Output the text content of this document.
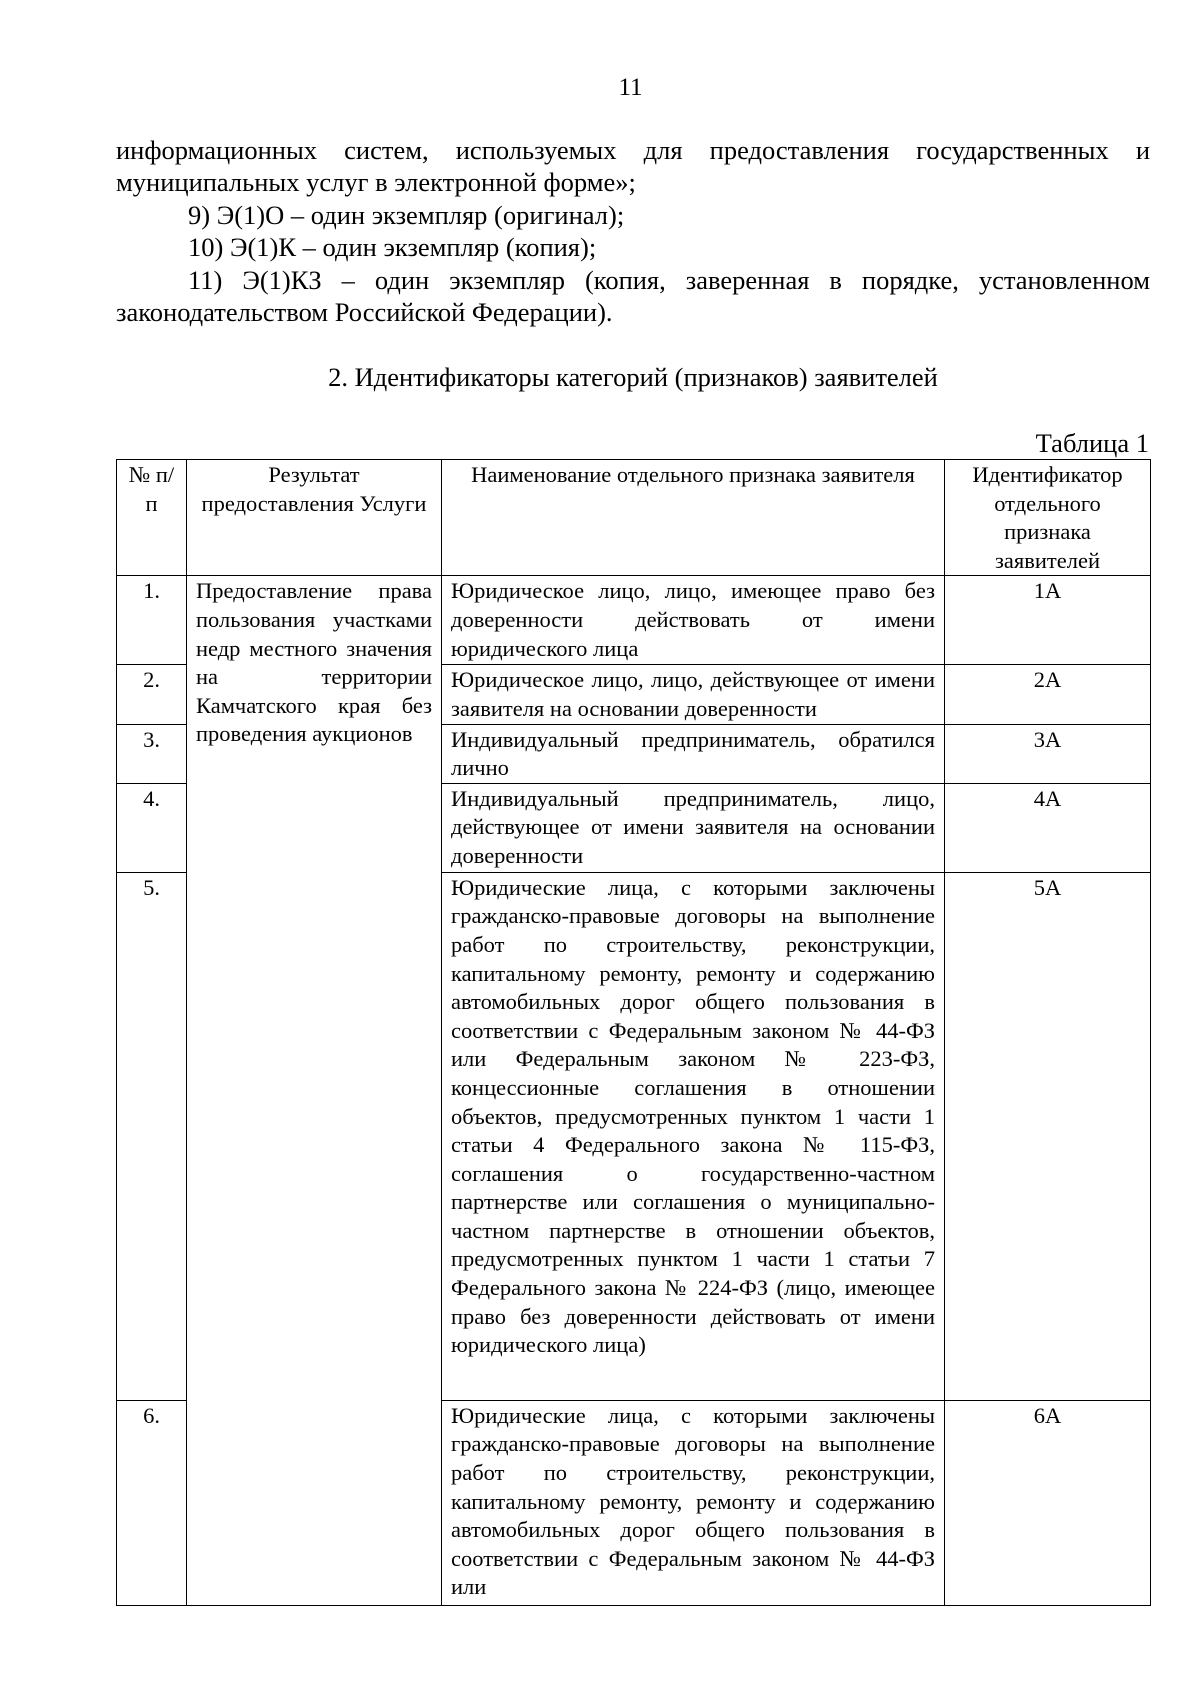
11

информационных систем, используемых для предоставления государственных и муниципальных услуг в электронной форме»;

9) Э(1)О – один экземпляр (оригинал);

10) Э(1)К – один экземпляр (копия);

11) Э(1)КЗ – один экземпляр (копия, заверенная в порядке, установленном законодательством Российской Федерации).

2. Идентификаторы категорий (признаков) заявителей
Таблица 1
№ п/п	Результат предоставления Услуги	Наименование отдельного признака заявителя	Идентификатор отдельного признака заявителей
1.	Предоставление права пользования участками недр местного значения на территории Камчатского края без проведения аукционов	Юридическое лицо, лицо, имеющее право без доверенности действовать от имени юридического лица	1А
2.		Юридическое лицо, лицо, действующее от имени заявителя на основании доверенности	2А
3.		Индивидуальный предприниматель, обратился лично	3А
4.		Индивидуальный предприниматель, лицо, действующее от имени заявителя на основании доверенности	4А
5.		Юридические лица, с которыми заключены гражданско-правовые договоры на выполнение работ по строительству, реконструкции, капитальному ремонту, ремонту и содержанию автомобильных дорог общего пользования в соответствии с Федеральным законом № 44-ФЗ или Федеральным законом № 223-ФЗ, концессионные соглашения в отношении объектов, предусмотренных пунктом 1 части 1 статьи 4 Федерального закона № 115-ФЗ, соглашения о государственно-частном партнерстве или соглашения о муниципально-частном партнерстве в отношении объектов, предусмотренных пунктом 1 части 1 статьи 7 Федерального закона № 224-ФЗ (лицо, имеющее право без доверенности действовать от имени юридического лица)	5А
6.		Юридические лица, с которыми заключены гражданско-правовые договоры на выполнение работ по строительству, реконструкции, капитальному ремонту, ремонту и содержанию автомобильных дорог общего пользования в соответствии с Федеральным законом № 44-ФЗ или	6А
